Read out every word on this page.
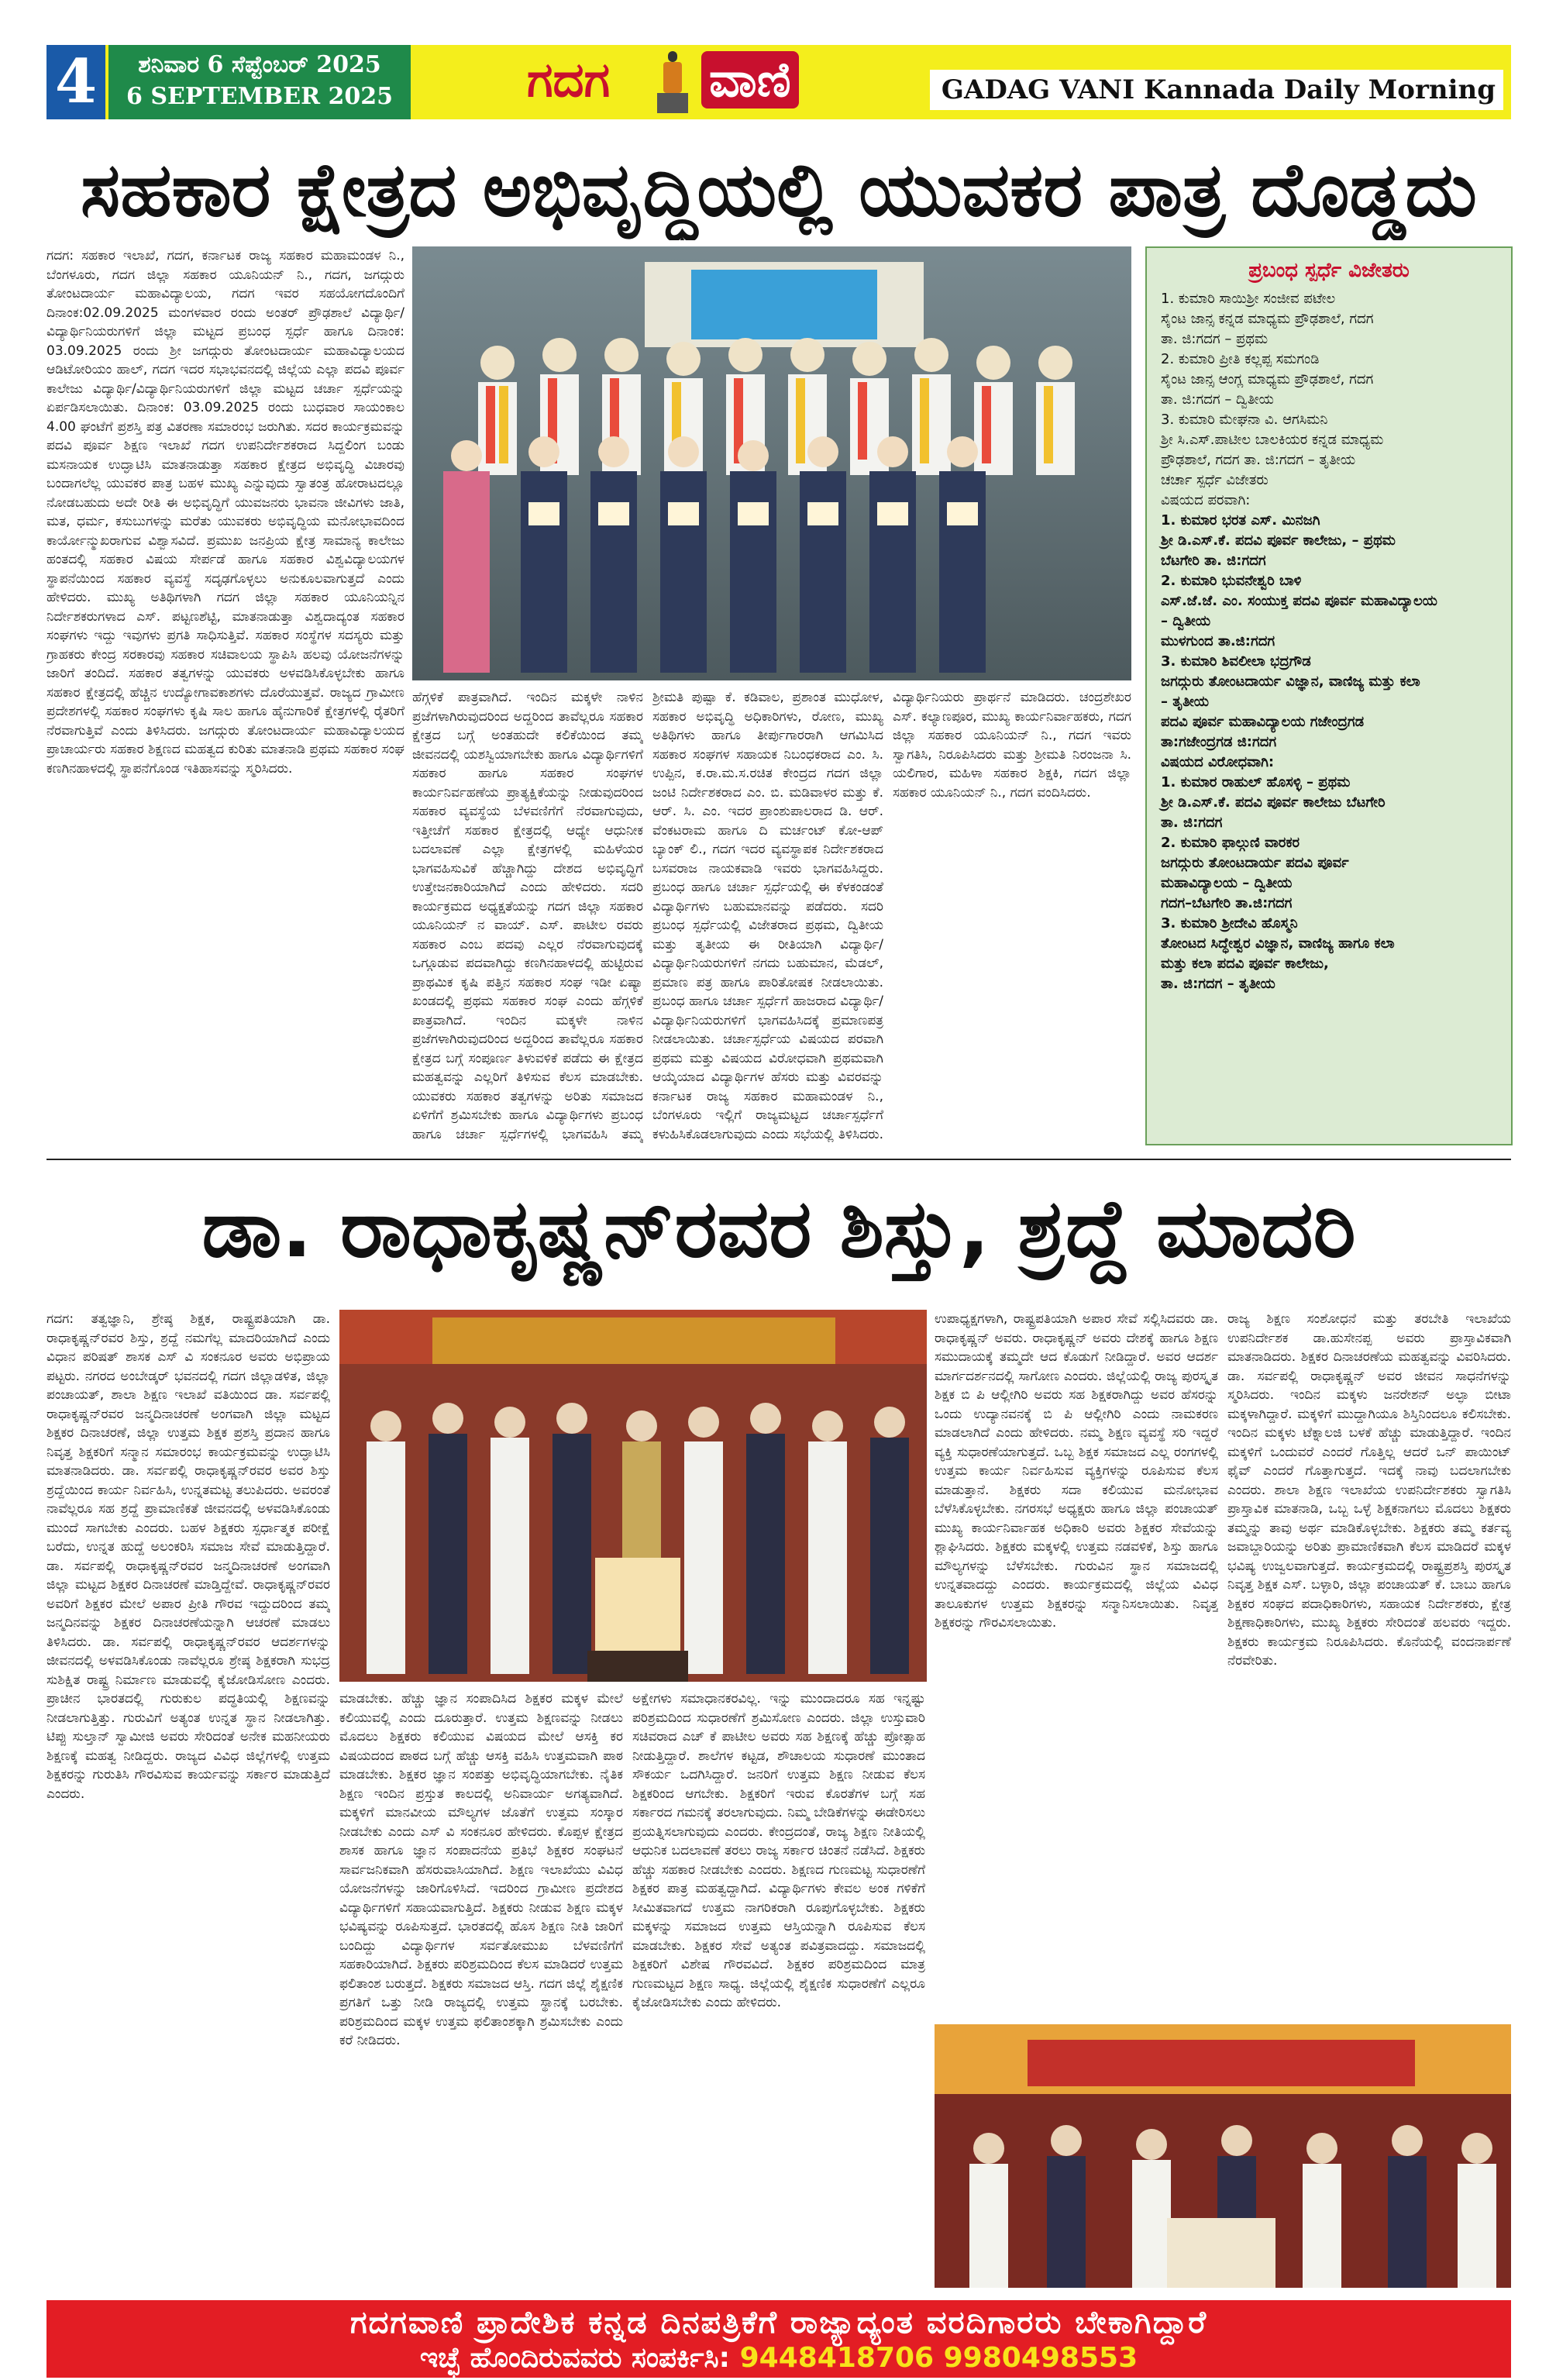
4	ಶನಿವಾರ 6 ಸೆಪ್ಟೆಂಬರ್ 2025
6 SEPTEMBER 2025	ಗದಗ ವಾಣಿ	GADAG VANI Kannada Daily Morning
ಸಹಕಾರ ಕ್ಷೇತ್ರದ ಅಭಿವೃದ್ಧಿಯಲ್ಲಿ ಯುವಕರ ಪಾತ್ರ ದೊಡ್ಡದು

ಗದಗ: ಸಹಕಾರ ಇಲಾಖೆ, ಗದಗ, ಕರ್ನಾಟಕ ರಾಜ್ಯ ಸಹಕಾರ ಮಹಾಮಂಡಳ ನಿ., ಬೆಂಗಳೂರು, ಗದಗ ಜಿಲ್ಲಾ ಸಹಕಾರ ಯೂನಿಯನ್ ನಿ., ಗದಗ, ಜಗದ್ಗುರು ತೋಂಟದಾರ್ಯ ಮಹಾವಿದ್ಯಾಲಯ, ಗದಗ ಇವರ ಸಹಯೋಗದೊಂದಿಗೆ ದಿನಾಂಕ:02.09.2025 ಮಂಗಳವಾರ ರಂದು ಅಂತರ್ ಪ್ರೌಢಶಾಲೆ ವಿದ್ಯಾರ್ಥಿ/ವಿದ್ಯಾರ್ಥಿನಿಯರುಗಳಿಗೆ ಜಿಲ್ಲಾ ಮಟ್ಟದ ಪ್ರಬಂಧ ಸ್ಪರ್ಧೆ ಹಾಗೂ ದಿನಾಂಕ: 03.09.2025 ರಂದು ಶ್ರೀ ಜಗದ್ಗುರು ತೋಂಟದಾರ್ಯ ಮಹಾವಿದ್ಯಾಲಯದ ಆಡಿಟೋರಿಯಂ ಹಾಲ್, ಗದಗ ಇದರ ಸಭಾಭವನದಲ್ಲಿ ಜಿಲ್ಲೆಯ ಎಲ್ಲಾ ಪದವಿ ಪೂರ್ವ ಕಾಲೇಜು ವಿದ್ಯಾರ್ಥಿ/ವಿದ್ಯಾರ್ಥಿನಿಯರುಗಳಿಗೆ ಜಿಲ್ಲಾ ಮಟ್ಟದ ಚರ್ಚಾ ಸ್ಪರ್ಧೆಯನ್ನು ಏರ್ಪಡಿಸಲಾಯಿತು. ದಿನಾಂಕ: 03.09.2025 ರಂದು ಬುಧವಾರ ಸಾಯಂಕಾಲ 4.00 ಘಂಟೆಗೆ ಪ್ರಶಸ್ತಿ ಪತ್ರ ವಿತರಣಾ ಸಮಾರಂಭ ಜರುಗಿತು. ಸದರ ಕಾರ್ಯಕ್ರಮವನ್ನು ಪದವಿ ಪೂರ್ವ ಶಿಕ್ಷಣ ಇಲಾಖೆ ಗದಗ ಉಪನಿರ್ದೇಶಕರಾದ ಸಿದ್ದಲಿಂಗ ಬಂಡು ಮಸನಾಯಕ ಉದ್ಘಾಟಿಸಿ ಮಾತನಾಡುತ್ತಾ ಸಹಕಾರ ಕ್ಷೇತ್ರದ ಅಭಿವೃದ್ಧಿ ವಿಚಾರವು ಬಂದಾಗಲೆಲ್ಲ ಯುವಕರ ಪಾತ್ರ ಬಹಳ ಮುಖ್ಯ ಎನ್ನುವುದು ಸ್ವಾತಂತ್ರ ಹೋರಾಟದಲ್ಲೂ ನೋಡಬಹುದು ಅದೇ ರೀತಿ ಈ ಅಭಿವೃದ್ಧಿಗೆ ಯುವಜನರು ಭಾವನಾ ಜೀವಿಗಳು ಜಾತಿ, ಮತ, ಧರ್ಮ, ಕಸುಬುಗಳನ್ನು ಮರೆತು ಯುವಕರು ಅಭಿವೃದ್ಧಿಯ ಮನೋಭಾವದಿಂದ ಕಾರ್ಯೋನ್ಮುಖರಾಗುವ ವಿಶ್ವಾಸವಿದೆ. ಪ್ರಮುಖ ಜನಪ್ರಿಯ ಕ್ಷೇತ್ರ ಸಾಮಾನ್ಯ ಕಾಲೇಜು ಹಂತದಲ್ಲಿ ಸಹಕಾರ ವಿಷಯ ಸೇರ್ಪಡೆ ಹಾಗೂ ಸಹಕಾರ ವಿಶ್ವವಿದ್ಯಾಲಯಗಳ ಸ್ಥಾಪನೆಯಿಂದ ಸಹಕಾರ ವ್ಯವಸ್ಥೆ ಸದೃಢಗೊಳ್ಳಲು ಅನುಕೂಲವಾಗುತ್ತದೆ ಎಂದು ಹೇಳಿದರು. ಮುಖ್ಯ ಅತಿಥಿಗಳಾಗಿ ಗದಗ ಜಿಲ್ಲಾ ಸಹಕಾರ ಯೂನಿಯನ್ನಿನ ನಿರ್ದೇಶಕರುಗಳಾದ ಎಸ್. ಪಟ್ಟಣಶೆಟ್ಟಿ, ಮಾತನಾಡುತ್ತಾ ವಿಶ್ವದಾದ್ಯಂತ ಸಹಕಾರ ಸಂಘಗಳು ಇದ್ದು ಇವುಗಳು ಪ್ರಗತಿ ಸಾಧಿಸುತ್ತಿವೆ. ಸಹಕಾರ ಸಂಸ್ಥೆಗಳ ಸದಸ್ಯರು ಮತ್ತು ಗ್ರಾಹಕರು ಕೇಂದ್ರ ಸರಕಾರವು ಸಹಕಾರ ಸಚಿವಾಲಯ ಸ್ಥಾಪಿಸಿ ಹಲವು ಯೋಜನೆಗಳನ್ನು ಜಾರಿಗೆ ತಂದಿದೆ. ಸಹಕಾರ ತತ್ವಗಳನ್ನು ಯುವಕರು ಅಳವಡಿಸಿಕೊಳ್ಳಬೇಕು ಹಾಗೂ ಸಹಕಾರ ಕ್ಷೇತ್ರದಲ್ಲಿ ಹೆಚ್ಚಿನ ಉದ್ಯೋಗಾವಕಾಶಗಳು ದೊರೆಯುತ್ತವೆ. ರಾಜ್ಯದ ಗ್ರಾಮೀಣ ಪ್ರದೇಶಗಳಲ್ಲಿ ಸಹಕಾರ ಸಂಘಗಳು ಕೃಷಿ ಸಾಲ ಹಾಗೂ ಹೈನುಗಾರಿಕೆ ಕ್ಷೇತ್ರಗಳಲ್ಲಿ ರೈತರಿಗೆ ನೆರವಾಗುತ್ತಿವೆ ಎಂದು ತಿಳಿಸಿದರು. ಜಗದ್ಗುರು ತೋಂಟದಾರ್ಯ ಮಹಾವಿದ್ಯಾಲಯದ ಪ್ರಾಚಾರ್ಯರು ಸಹಕಾರ ಶಿಕ್ಷಣದ ಮಹತ್ವದ ಕುರಿತು ಮಾತನಾಡಿ ಪ್ರಥಮ ಸಹಕಾರ ಸಂಘ ಕಣಗಿನಹಾಳದಲ್ಲಿ ಸ್ಥಾಪನೆಗೊಂಡ ಇತಿಹಾಸವನ್ನು ಸ್ಮರಿಸಿದರು.

ಹೆಗ್ಗಳಿಕೆ ಪಾತ್ರವಾಗಿದೆ. ಇಂದಿನ ಮಕ್ಕಳೇ ನಾಳಿನ ಪ್ರಜೆಗಳಾಗಿರುವುದರಿಂದ ಅದ್ದರಿಂದ ತಾವೆಲ್ಲರೂ ಸಹಕಾರ ಕ್ಷೇತ್ರದ ಬಗ್ಗೆ ಅಂತಹುದೇ ಕಲಿಕೆಯಿಂದ ತಮ್ಮ ಜೀವನದಲ್ಲಿ ಯಶಸ್ವಿಯಾಗಬೇಕು ಹಾಗೂ ವಿದ್ಯಾರ್ಥಿಗಳಿಗೆ ಸಹಕಾರ ಹಾಗೂ ಸಹಕಾರ ಸಂಘಗಳ ಕಾರ್ಯನಿರ್ವಹಣೆಯ ಪ್ರಾತ್ಯಕ್ಷಿಕೆಯನ್ನು ನೀಡುವುದರಿಂದ ಸಹಕಾರ ವ್ಯವಸ್ಥೆಯ ಬೆಳವಣಿಗೆಗೆ ನೆರವಾಗುವುದು, ಇತ್ತೀಚೆಗೆ ಸಹಕಾರ ಕ್ಷೇತ್ರದಲ್ಲಿ ಆಧ್ಯೇ ಆಧುನೀಕ ಬದಲಾವಣೆ ಎಲ್ಲಾ ಕ್ಷೇತ್ರಗಳಲ್ಲಿ ಮಹಿಳೆಯರ ಭಾಗವಹಿಸುವಿಕೆ ಹೆಚ್ಚಾಗಿದ್ದು ದೇಶದ ಅಭಿವೃದ್ಧಿಗೆ ಉತ್ತೇಜನಕಾರಿಯಾಗಿದೆ ಎಂದು ಹೇಳಿದರು. ಸದರಿ ಕಾರ್ಯಕ್ರಮದ ಅಧ್ಯಕ್ಷತೆಯನ್ನು ಗದಗ ಜಿಲ್ಲಾ ಸಹಕಾರ ಯೂನಿಯನ್ ನ ವಾಯ್. ಎಸ್. ಪಾಟೀಲ ರವರು ಸಹಕಾರ ಎಂಬ ಪದವು ಎಲ್ಲರ ನೆರವಾಗುವುದಕ್ಕೆ ಒಗ್ಗೂಡುವ ಪದವಾಗಿದ್ದು ಕಣಗಿನಹಾಳದಲ್ಲಿ ಹುಟ್ಟಿರುವ ಪ್ರಾಥಮಿಕ ಕೃಷಿ ಪತ್ತಿನ ಸಹಕಾರ ಸಂಘ ಇಡೀ ಏಷ್ಯಾ ಖಂಡದಲ್ಲಿ ಪ್ರಥಮ ಸಹಕಾರ ಸಂಘ ಎಂದು ಹೆಗ್ಗಳಿಕೆ ಪಾತ್ರವಾಗಿದೆ. ಇಂದಿನ ಮಕ್ಕಳೇ ನಾಳಿನ ಪ್ರಜೆಗಳಾಗಿರುವುದರಿಂದ ಅದ್ದರಿಂದ ತಾವೆಲ್ಲರೂ ಸಹಕಾರ ಕ್ಷೇತ್ರದ ಬಗ್ಗೆ ಸಂಪೂರ್ಣ ತಿಳುವಳಿಕೆ ಪಡೆದು ಈ ಕ್ಷೇತ್ರದ ಮಹತ್ವವನ್ನು ಎಲ್ಲರಿಗೆ ತಿಳಿಸುವ ಕೆಲಸ ಮಾಡಬೇಕು. ಯುವಕರು ಸಹಕಾರ ತತ್ವಗಳನ್ನು ಅರಿತು ಸಮಾಜದ ಏಳಿಗೆಗೆ ಶ್ರಮಿಸಬೇಕು ಹಾಗೂ ವಿದ್ಯಾರ್ಥಿಗಳು ಪ್ರಬಂಧ ಹಾಗೂ ಚರ್ಚಾ ಸ್ಪರ್ಧೆಗಳಲ್ಲಿ ಭಾಗವಹಿಸಿ ತಮ್ಮ

ಶ್ರೀಮತಿ ಪುಷ್ಪಾ ಕೆ. ಕಡಿವಾಲ, ಪ್ರಶಾಂತ ಮುಧೋಳ, ಸಹಕಾರ ಅಭಿವೃದ್ಧಿ ಅಧಿಕಾರಿಗಳು, ರೋಣ, ಮುಖ್ಯ ಅತಿಥಿಗಳು ಹಾಗೂ ತೀರ್ಪುಗಾರರಾಗಿ ಆಗಮಿಸಿದ ಸಹಕಾರ ಸಂಘಗಳ ಸಹಾಯಕ ನಿಬಂಧಕರಾದ ಎಂ. ಸಿ. ಉಪ್ಪಿನ, ಕ.ರಾ.ಮ.ಸ.ರಚಿತ ಕೇಂದ್ರದ ಗದಗ ಜಿಲ್ಲಾ ಜಂಟಿ ನಿರ್ದೇಶಕರಾದ ಎಂ. ಬಿ. ಮಡಿವಾಳರ ಮತ್ತು ಕೆ. ಆರ್. ಸಿ. ಎಂ. ಇದರ ಪ್ರಾಂಶುಪಾಲರಾದ ಡಿ. ಆರ್. ವೆಂಕಟರಾಮ ಹಾಗೂ ದಿ ಮರ್ಚಂಟ್ ಕೋ-ಆಪ್ ಬ್ಯಾಂಕ್ ಲಿ., ಗದಗ ಇದರ ವ್ಯವಸ್ಥಾಪಕ ನಿರ್ದೇಶಕರಾದ ಬಸವರಾಜ ನಾಯಕವಾಡಿ ಇವರು ಭಾಗವಹಿಸಿದ್ದರು. ಪ್ರಬಂಧ ಹಾಗೂ ಚರ್ಚಾ ಸ್ಪರ್ಧೆಯಲ್ಲಿ ಈ ಕೆಳಕಂಡಂತೆ ವಿದ್ಯಾರ್ಥಿಗಳು ಬಹುಮಾನವನ್ನು ಪಡೆದರು. ಸದರಿ ಪ್ರಬಂಧ ಸ್ಪರ್ಧೆಯಲ್ಲಿ ವಿಜೇತರಾದ ಪ್ರಥಮ, ದ್ವಿತೀಯ ಮತ್ತು ತೃತೀಯ ಈ ರೀತಿಯಾಗಿ ವಿದ್ಯಾರ್ಥಿ/ವಿದ್ಯಾರ್ಥಿನಿಯರುಗಳಿಗೆ ನಗದು ಬಹುಮಾನ, ಮೆಡಲ್, ಪ್ರಮಾಣ ಪತ್ರ ಹಾಗೂ ಪಾರಿತೋಷಕ ನೀಡಲಾಯಿತು. ಪ್ರಬಂಧ ಹಾಗೂ ಚರ್ಚಾ ಸ್ಪರ್ಧೆಗೆ ಹಾಜರಾದ ವಿದ್ಯಾರ್ಥಿ/ವಿದ್ಯಾರ್ಥಿನಿಯರುಗಳಿಗೆ ಭಾಗವಹಿಸಿದಕ್ಕೆ ಪ್ರಮಾಣಪತ್ರ ನೀಡಲಾಯಿತು. ಚರ್ಚಾಸ್ಪರ್ಧೆಯ ವಿಷಯದ ಪರವಾಗಿ ಪ್ರಥಮ ಮತ್ತು ವಿಷಯದ ವಿರೋಧವಾಗಿ ಪ್ರಥಮವಾಗಿ ಆಯ್ಕೆಯಾದ ವಿದ್ಯಾರ್ಥಿಗಳ ಹೆಸರು ಮತ್ತು ವಿವರವನ್ನು ಕರ್ನಾಟಕ ರಾಜ್ಯ ಸಹಕಾರ ಮಹಾಮಂಡಳ ನಿ., ಬೆಂಗಳೂರು ಇಲ್ಲಿಗೆ ರಾಜ್ಯಮಟ್ಟದ ಚರ್ಚಾಸ್ಪರ್ಧೆಗೆ ಕಳುಹಿಸಿಕೊಡಲಾಗುವುದು ಎಂದು ಸಭೆಯಲ್ಲಿ ತಿಳಿಸಿದರು.

ವಿದ್ಯಾರ್ಥಿನಿಯರು ಪ್ರಾರ್ಥನೆ ಮಾಡಿದರು. ಚಂದ್ರಶೇಖರ ಎಸ್. ಕಲ್ಯಾಣಪೂರ, ಮುಖ್ಯ ಕಾರ್ಯನಿರ್ವಾಹಕರು, ಗದಗ ಜಿಲ್ಲಾ ಸಹಕಾರ ಯೂನಿಯನ್ ನಿ., ಗದಗ ಇವರು ಸ್ವಾಗತಿಸಿ, ನಿರೂಪಿಸಿದರು ಮತ್ತು ಶ್ರೀಮತಿ ನಿರಂಜನಾ ಸಿ. ಯಲಿಗಾರ, ಮಹಿಳಾ ಸಹಕಾರ ಶಿಕ್ಷಕಿ, ಗದಗ ಜಿಲ್ಲಾ ಸಹಕಾರ ಯೂನಿಯನ್ ನಿ., ಗದಗ ವಂದಿಸಿದರು.

ಪ್ರಬಂಧ ಸ್ಪರ್ಧೆ ವಿಜೇತರು
1. ಕುಮಾರಿ ಸಾಯಿಶ್ರೀ ಸಂಜೀವ ಪಟೇಲ
ಸೈಂಟ ಜಾನ್ಸ ಕನ್ನಡ ಮಾಧ್ಯಮ ಪ್ರೌಢಶಾಲೆ, ಗದಗ
ತಾ. ಜಿ:ಗದಗ – ಪ್ರಥಮ
2. ಕುಮಾರಿ ಪ್ರೀತಿ ಕಲ್ಲಪ್ಪ ಸಮಗಂಡಿ
ಸೈಂಟ ಜಾನ್ಸ ಆಂಗ್ಲ ಮಾಧ್ಯಮ ಪ್ರೌಢಶಾಲೆ, ಗದಗ
ತಾ. ಜಿ:ಗದಗ – ದ್ವಿತೀಯ
3. ಕುಮಾರಿ ಮೇಘನಾ ವಿ. ಆಗಸಿಮನಿ
ಶ್ರೀ ಸಿ.ಎಸ್.ಪಾಟೀಲ ಬಾಲಕಿಯರ ಕನ್ನಡ ಮಾಧ್ಯಮ
ಪ್ರೌಢಶಾಲೆ, ಗದಗ ತಾ. ಜಿ:ಗದಗ – ತೃತೀಯ
ಚರ್ಚಾ ಸ್ಪರ್ಧೆ ವಿಜೇತರು
ವಿಷಯದ ಪರವಾಗಿ:
1. ಕುಮಾರ ಭರತ ಎಸ್. ಮಿನಜಗಿ
ಶ್ರೀ ಡಿ.ಎಸ್.ಕೆ. ಪದವಿ ಪೂರ್ವ ಕಾಲೇಜು, – ಪ್ರಥಮ
ಬೆಟಗೇರಿ ತಾ. ಜಿ:ಗದಗ
2. ಕುಮಾರಿ ಭುವನೇಶ್ವರಿ ಬಾಳಿ
ಎಸ್.ಜೆ.ಜೆ. ಎಂ. ಸಂಯುಕ್ತ ಪದವಿ ಪೂರ್ವ ಮಹಾವಿದ್ಯಾಲಯ
– ದ್ವಿತೀಯ
ಮುಳಗುಂದ ತಾ.ಜಿ:ಗದಗ
3. ಕುಮಾರಿ ಶಿವಲೀಲಾ ಭದ್ರಗೌಡ
ಜಗದ್ಗುರು ತೋಂಟದಾರ್ಯ ವಿಜ್ಞಾನ, ವಾಣಿಜ್ಯ ಮತ್ತು ಕಲಾ
– ತೃತೀಯ
ಪದವಿ ಪೂರ್ವ ಮಹಾವಿದ್ಯಾಲಯ ಗಜೇಂದ್ರಗಡ
ತಾ:ಗಜೇಂದ್ರಗಡ ಜಿ:ಗದಗ
ವಿಷಯದ ವಿರೋಧವಾಗಿ:
1. ಕುಮಾರ ರಾಹುಲ್ ಹೊಸಳ್ಳಿ – ಪ್ರಥಮ
ಶ್ರೀ ಡಿ.ಎಸ್.ಕೆ. ಪದವಿ ಪೂರ್ವ ಕಾಲೇಜು ಬೆಟಗೇರಿ
ತಾ. ಜಿ:ಗದಗ
2. ಕುಮಾರಿ ಫಾಲ್ಗುಣಿ ವಾರಕರ
ಜಗದ್ಗುರು ತೋಂಟದಾರ್ಯ ಪದವಿ ಪೂರ್ವ
ಮಹಾವಿದ್ಯಾಲಯ – ದ್ವಿತೀಯ
ಗದಗ–ಬೆಟಗೇರಿ ತಾ.ಜಿ:ಗದಗ
3. ಕುಮಾರಿ ಶ್ರೀದೇವಿ ಹೊಸ್ಮನಿ
ತೋಂಟದ ಸಿದ್ಧೇಶ್ವರ ವಿಜ್ಞಾನ, ವಾಣಿಜ್ಯ ಹಾಗೂ ಕಲಾ
ಮತ್ತು ಕಲಾ ಪದವಿ ಪೂರ್ವ ಕಾಲೇಜು,
ತಾ. ಜಿ:ಗದಗ – ತೃತೀಯ
ಡಾ. ರಾಧಾಕೃಷ್ಣನ್‌ರವರ ಶಿಸ್ತು, ಶ್ರದ್ದೆ ಮಾದರಿ

ಗದಗ: ತತ್ವಜ್ಞಾನಿ, ಶ್ರೇಷ್ಠ ಶಿಕ್ಷಕ, ರಾಷ್ಟ್ರಪತಿಯಾಗಿ ಡಾ. ರಾಧಾಕೃಷ್ಣನ್‌ರವರ ಶಿಸ್ತು, ಶ್ರದ್ದೆ ನಮಗೆಲ್ಲ ಮಾದರಿಯಾಗಿದೆ ಎಂದು ವಿಧಾನ ಪರಿಷತ್ ಶಾಸಕ ಎಸ್ ವಿ ಸಂಕನೂರ ಅವರು ಅಭಿಪ್ರಾಯ ಪಟ್ಟರು. ನಗರದ ಅಂಬೇಡ್ಕರ್ ಭವನದಲ್ಲಿ ಗದಗ ಜಿಲ್ಲಾಡಳಿತ, ಜಿಲ್ಲಾ ಪಂಚಾಯತ್, ಶಾಲಾ ಶಿಕ್ಷಣ ಇಲಾಖೆ ವತಿಯಿಂದ ಡಾ. ಸರ್ವಪಲ್ಲಿ ರಾಧಾಕೃಷ್ಣನ್‌ರವರ ಜನ್ಮದಿನಾಚರಣೆ ಅಂಗವಾಗಿ ಜಿಲ್ಲಾ ಮಟ್ಟದ ಶಿಕ್ಷಕರ ದಿನಾಚರಣೆ, ಜಿಲ್ಲಾ ಉತ್ತಮ ಶಿಕ್ಷಕ ಪ್ರಶಸ್ತಿ ಪ್ರದಾನ ಹಾಗೂ ನಿವೃತ್ತ ಶಿಕ್ಷಕರಿಗೆ ಸನ್ಮಾನ ಸಮಾರಂಭ ಕಾರ್ಯಕ್ರಮವನ್ನು ಉದ್ಘಾಟಿಸಿ ಮಾತನಾಡಿದರು. ಡಾ. ಸರ್ವಪಲ್ಲಿ ರಾಧಾಕೃಷ್ಣನ್‌ರವರ ಅವರ ಶಿಸ್ತು ಶ್ರದ್ದೆಯಿಂದ ಕಾರ್ಯ ನಿರ್ವಹಿಸಿ, ಉನ್ನತಮಟ್ಟ ತಲುಪಿದರು. ಅವರಂತೆ ನಾವೆಲ್ಲರೂ ಸಹ ಶ್ರದ್ದೆ ಪ್ರಾಮಾಣಿಕತೆ ಜೀವನದಲ್ಲಿ ಅಳವಡಿಸಿಕೊಂಡು ಮುಂದೆ ಸಾಗಬೇಕು ಎಂದರು. ಬಹಳ ಶಿಕ್ಷಕರು ಸ್ಪರ್ಧಾತ್ಮಕ ಪರೀಕ್ಷೆ ಬರೆದು, ಉನ್ನತ ಹುದ್ದೆ ಅಲಂಕರಿಸಿ ಸಮಾಜ ಸೇವೆ ಮಾಡುತ್ತಿದ್ದಾರೆ. ಡಾ. ಸರ್ವಪಲ್ಲಿ ರಾಧಾಕೃಷ್ಣನ್‌ರವರ ಜನ್ಮದಿನಾಚರಣೆ ಅಂಗವಾಗಿ ಜಿಲ್ಲಾ ಮಟ್ಟದ ಶಿಕ್ಷಕರ ದಿನಾಚರಣೆ ಮಾಡ್ತಿದ್ದೇವೆ. ರಾಧಾಕೃಷ್ಣನ್‌ರವರ ಅವರಿಗೆ ಶಿಕ್ಷಕರ ಮೇಲೆ ಅಪಾರ ಪ್ರೀತಿ ಗೌರವ ಇದ್ದುದರಿಂದ ತಮ್ಮ ಜನ್ಮದಿನವನ್ನು ಶಿಕ್ಷಕರ ದಿನಾಚರಣೆಯನ್ನಾಗಿ ಆಚರಣೆ ಮಾಡಲು ತಿಳಿಸಿದರು. ಡಾ. ಸರ್ವಪಲ್ಲಿ ರಾಧಾಕೃಷ್ಣನ್‌ರವರ ಆದರ್ಶಗಳನ್ನು ಜೀವನದಲ್ಲಿ ಅಳವಡಿಸಿಕೊಂಡು ನಾವೆಲ್ಲರೂ ಶ್ರೇಷ್ಠ ಶಿಕ್ಷಕರಾಗಿ ಸುಭದ್ರ ಸುಶಿಕ್ಷಿತ ರಾಷ್ಟ್ರ ನಿರ್ಮಾಣ ಮಾಡುವಲ್ಲಿ ಕೈಜೋಡಿಸೋಣ ಎಂದರು. ಪ್ರಾಚೀನ ಭಾರತದಲ್ಲಿ ಗುರುಕುಲ ಪದ್ಧತಿಯಲ್ಲಿ ಶಿಕ್ಷಣವನ್ನು ನೀಡಲಾಗುತ್ತಿತ್ತು. ಗುರುವಿಗೆ ಅತ್ಯಂತ ಉನ್ನತ ಸ್ಥಾನ ನೀಡಲಾಗಿತ್ತು. ಟಿಪ್ಪು ಸುಲ್ತಾನ್ ಸ್ವಾಮೀಜಿ ಅವರು ಸೇರಿದಂತೆ ಅನೇಕ ಮಹನೀಯರು ಶಿಕ್ಷಣಕ್ಕೆ ಮಹತ್ವ ನೀಡಿದ್ದರು. ರಾಜ್ಯದ ವಿವಿಧ ಜಿಲ್ಲೆಗಳಲ್ಲಿ ಉತ್ತಮ ಶಿಕ್ಷಕರನ್ನು ಗುರುತಿಸಿ ಗೌರವಿಸುವ ಕಾರ್ಯವನ್ನು ಸರ್ಕಾರ ಮಾಡುತ್ತಿದೆ ಎಂದರು.

ಮಾಡಬೇಕು. ಹೆಚ್ಚು ಜ್ಞಾನ ಸಂಪಾದಿಸಿದ ಶಿಕ್ಷಕರ ಮಕ್ಕಳ ಮೇಲೆ ಕಲಿಯುವಲ್ಲಿ ಎಂದು ದೂರುತ್ತಾರೆ. ಉತ್ತಮ ಶಿಕ್ಷಣವನ್ನು ನೀಡಲು ಮೊದಲು ಶಿಕ್ಷಕರು ಕಲಿಯುವ ವಿಷಯದ ಮೇಲೆ ಆಸಕ್ತಿ ಕರ ವಿಷಯದಂದ ಪಾಠದ ಬಗ್ಗೆ ಹೆಚ್ಚು ಆಸಕ್ತಿ ವಹಿಸಿ ಉತ್ತಮವಾಗಿ ಪಾಠ ಮಾಡಬೇಕು. ಶಿಕ್ಷಕರ ಜ್ಞಾನ ಸಂಪತ್ತು ಅಭಿವೃದ್ಧಿಯಾಗಬೇಕು. ನೈತಿಕ ಶಿಕ್ಷಣ ಇಂದಿನ ಪ್ರಸ್ತುತ ಕಾಲದಲ್ಲಿ ಅನಿವಾರ್ಯ ಅಗತ್ಯವಾಗಿದೆ. ಮಕ್ಕಳಿಗೆ ಮಾನವೀಯ ಮೌಲ್ಯಗಳ ಜೊತೆಗೆ ಉತ್ತಮ ಸಂಸ್ಕಾರ ನೀಡಬೇಕು ಎಂದು ಎಸ್ ವಿ ಸಂಕನೂರ ಹೇಳಿದರು. ಕೊಪ್ಪಳ ಕ್ಷೇತ್ರದ ಶಾಸಕ ಹಾಗೂ ಜ್ಞಾನ ಸಂಪಾದನೆಯ ಪ್ರತಿಭೆ ಶಿಕ್ಷಕರ ಸಂಘಟನೆ ಸಾರ್ವಜನಿಕವಾಗಿ ಹೆಸರುವಾಸಿಯಾಗಿದೆ. ಶಿಕ್ಷಣ ಇಲಾಖೆಯು ವಿವಿಧ ಯೋಜನೆಗಳನ್ನು ಜಾರಿಗೊಳಿಸಿದೆ. ಇದರಿಂದ ಗ್ರಾಮೀಣ ಪ್ರದೇಶದ ವಿದ್ಯಾರ್ಥಿಗಳಿಗೆ ಸಹಾಯವಾಗುತ್ತಿದೆ. ಶಿಕ್ಷಕರು ನೀಡುವ ಶಿಕ್ಷಣ ಮಕ್ಕಳ ಭವಿಷ್ಯವನ್ನು ರೂಪಿಸುತ್ತದೆ. ಭಾರತದಲ್ಲಿ ಹೊಸ ಶಿಕ್ಷಣ ನೀತಿ ಜಾರಿಗೆ ಬಂದಿದ್ದು ವಿದ್ಯಾರ್ಥಿಗಳ ಸರ್ವತೋಮುಖ ಬೆಳವಣಿಗೆಗೆ ಸಹಕಾರಿಯಾಗಿದೆ. ಶಿಕ್ಷಕರು ಪರಿಶ್ರಮದಿಂದ ಕೆಲಸ ಮಾಡಿದರೆ ಉತ್ತಮ ಫಲಿತಾಂಶ ಬರುತ್ತದೆ. ಶಿಕ್ಷಕರು ಸಮಾಜದ ಆಸ್ತಿ. ಗದಗ ಜಿಲ್ಲೆ ಶೈಕ್ಷಣಿಕ ಪ್ರಗತಿಗೆ ಒತ್ತು ನೀಡಿ ರಾಜ್ಯದಲ್ಲಿ ಉತ್ತಮ ಸ್ಥಾನಕ್ಕೆ ಬರಬೇಕು. ಪರಿಶ್ರಮದಿಂದ ಮಕ್ಕಳ ಉತ್ತಮ ಫಲಿತಾಂಶಕ್ಕಾಗಿ ಶ್ರಮಿಸಬೇಕು ಎಂದು ಕರೆ ನೀಡಿದರು.

ಅಕ್ಷೇಗಳು ಸಮಾಧಾನಕರವಿಲ್ಲ. ಇನ್ನು ಮುಂದಾದರೂ ಸಹ ಇನ್ನಷ್ಟು ಪರಿಶ್ರಮದಿಂದ ಸುಧಾರಣೆಗೆ ಶ್ರಮಿಸೋಣ ಎಂದರು. ಜಿಲ್ಲಾ ಉಸ್ತುವಾರಿ ಸಚಿವರಾದ ಎಚ್ ಕೆ ಪಾಟೀಲ ಅವರು ಸಹ ಶಿಕ್ಷಣಕ್ಕೆ ಹೆಚ್ಚು ಪ್ರೋತ್ಸಾಹ ನೀಡುತ್ತಿದ್ದಾರೆ. ಶಾಲೆಗಳ ಕಟ್ಟಡ, ಶೌಚಾಲಯ ಸುಧಾರಣೆ ಮುಂತಾದ ಸೌಕರ್ಯ ಒದಗಿಸಿದ್ದಾರೆ. ಜನರಿಗೆ ಉತ್ತಮ ಶಿಕ್ಷಣ ನೀಡುವ ಕೆಲಸ ಶಿಕ್ಷಕರಿಂದ ಆಗಬೇಕು. ಶಿಕ್ಷಕರಿಗೆ ಇರುವ ಕೊರತೆಗಳ ಬಗ್ಗೆ ಸಹ ಸರ್ಕಾರದ ಗಮನಕ್ಕೆ ತರಲಾಗುವುದು. ನಿಮ್ಮ ಬೇಡಿಕೆಗಳನ್ನು ಈಡೇರಿಸಲು ಪ್ರಯತ್ನಿಸಲಾಗುವುದು ಎಂದರು. ಕೇಂದ್ರದಂತೆ, ರಾಜ್ಯ ಶಿಕ್ಷಣ ನೀತಿಯಲ್ಲಿ ಆಧುನಿಕ ಬದಲಾವಣೆ ತರಲು ರಾಜ್ಯ ಸರ್ಕಾರ ಚಿಂತನೆ ನಡೆಸಿದೆ. ಶಿಕ್ಷಕರು ಹೆಚ್ಚು ಸಹಕಾರ ನೀಡಬೇಕು ಎಂದರು. ಶಿಕ್ಷಣದ ಗುಣಮಟ್ಟ ಸುಧಾರಣೆಗೆ ಶಿಕ್ಷಕರ ಪಾತ್ರ ಮಹತ್ವದ್ದಾಗಿದೆ. ವಿದ್ಯಾರ್ಥಿಗಳು ಕೇವಲ ಅಂಕ ಗಳಿಕೆಗೆ ಸೀಮಿತವಾಗದೆ ಉತ್ತಮ ನಾಗರಿಕರಾಗಿ ರೂಪುಗೊಳ್ಳಬೇಕು. ಶಿಕ್ಷಕರು ಮಕ್ಕಳನ್ನು ಸಮಾಜದ ಉತ್ತಮ ಆಸ್ತಿಯನ್ನಾಗಿ ರೂಪಿಸುವ ಕೆಲಸ ಮಾಡಬೇಕು. ಶಿಕ್ಷಕರ ಸೇವೆ ಅತ್ಯಂತ ಪವಿತ್ರವಾದದ್ದು. ಸಮಾಜದಲ್ಲಿ ಶಿಕ್ಷಕರಿಗೆ ವಿಶೇಷ ಗೌರವವಿದೆ. ಶಿಕ್ಷಕರ ಪರಿಶ್ರಮದಿಂದ ಮಾತ್ರ ಗುಣಮಟ್ಟದ ಶಿಕ್ಷಣ ಸಾಧ್ಯ. ಜಿಲ್ಲೆಯಲ್ಲಿ ಶೈಕ್ಷಣಿಕ ಸುಧಾರಣೆಗೆ ಎಲ್ಲರೂ ಕೈಜೋಡಿಸಬೇಕು ಎಂದು ಹೇಳಿದರು.

ಉಪಾಧ್ಯಕ್ಷಗಳಾಗಿ, ರಾಷ್ಟ್ರಪತಿಯಾಗಿ ಅಪಾರ ಸೇವೆ ಸಲ್ಲಿಸಿದವರು ಡಾ. ರಾಧಾಕೃಷ್ಣನ್ ಅವರು. ರಾಧಾಕೃಷ್ಣನ್ ಅವರು ದೇಶಕ್ಕೆ ಹಾಗೂ ಶಿಕ್ಷಣ ಸಮುದಾಯಕ್ಕೆ ತಮ್ಮದೇ ಆದ ಕೊಡುಗೆ ನೀಡಿದ್ದಾರೆ. ಅವರ ಆದರ್ಶ ಮಾರ್ಗದರ್ಶನದಲ್ಲಿ ಸಾಗೋಣ ಎಂದರು. ಜಿಲ್ಲೆಯಲ್ಲಿ ರಾಜ್ಯ ಪುರಸ್ಕೃತ ಶಿಕ್ಷಕ ಬಿ ಪಿ ಆಲ್ಲೀಗಿರಿ ಅವರು ಸಹ ಶಿಕ್ಷಕರಾಗಿದ್ದು ಅವರ ಹೆಸರನ್ನು ಒಂದು ಉದ್ಯಾನವನಕ್ಕೆ ಬಿ ಪಿ ಆಲ್ಲೀಗಿರಿ ಎಂದು ನಾಮಕರಣ ಮಾಡಲಾಗಿದೆ ಎಂದು ಹೇಳಿದರು. ನಮ್ಮ ಶಿಕ್ಷಣ ವ್ಯವಸ್ಥೆ ಸರಿ ಇದ್ದರೆ ವ್ಯಕ್ತಿ ಸುಧಾರಣೆಯಾಗುತ್ತದೆ. ಒಬ್ಬ ಶಿಕ್ಷಕ ಸಮಾಜದ ಎಲ್ಲ ರಂಗಗಳಲ್ಲಿ ಉತ್ತಮ ಕಾರ್ಯ ನಿರ್ವಹಿಸುವ ವ್ಯಕ್ತಿಗಳನ್ನು ರೂಪಿಸುವ ಕೆಲಸ ಮಾಡುತ್ತಾನೆ. ಶಿಕ್ಷಕರು ಸದಾ ಕಲಿಯುವ ಮನೋಭಾವ ಬೆಳೆಸಿಕೊಳ್ಳಬೇಕು. ನಗರಸಭೆ ಅಧ್ಯಕ್ಷರು ಹಾಗೂ ಜಿಲ್ಲಾ ಪಂಚಾಯತ್ ಮುಖ್ಯ ಕಾರ್ಯನಿರ್ವಾಹಕ ಅಧಿಕಾರಿ ಅವರು ಶಿಕ್ಷಕರ ಸೇವೆಯನ್ನು ಶ್ಲಾಘಿಸಿದರು. ಶಿಕ್ಷಕರು ಮಕ್ಕಳಲ್ಲಿ ಉತ್ತಮ ನಡವಳಿಕೆ, ಶಿಸ್ತು ಹಾಗೂ ಮೌಲ್ಯಗಳನ್ನು ಬೆಳೆಸಬೇಕು. ಗುರುವಿನ ಸ್ಥಾನ ಸಮಾಜದಲ್ಲಿ ಉನ್ನತವಾದದ್ದು ಎಂದರು. ಕಾರ್ಯಕ್ರಮದಲ್ಲಿ ಜಿಲ್ಲೆಯ ವಿವಿಧ ತಾಲೂಕುಗಳ ಉತ್ತಮ ಶಿಕ್ಷಕರನ್ನು ಸನ್ಮಾನಿಸಲಾಯಿತು. ನಿವೃತ್ತ ಶಿಕ್ಷಕರನ್ನು ಗೌರವಿಸಲಾಯಿತು.

ರಾಜ್ಯ ಶಿಕ್ಷಣ ಸಂಶೋಧನೆ ಮತ್ತು ತರಬೇತಿ ಇಲಾಖೆಯ ಉಪನಿರ್ದೇಶಕ ಡಾ.ಹುಸೇನಪ್ಪ ಅವರು ಪ್ರಾಸ್ತಾವಿಕವಾಗಿ ಮಾತನಾಡಿದರು. ಶಿಕ್ಷಕರ ದಿನಾಚರಣೆಯ ಮಹತ್ವವನ್ನು ವಿವರಿಸಿದರು. ಡಾ. ಸರ್ವಪಲ್ಲಿ ರಾಧಾಕೃಷ್ಣನ್ ಅವರ ಜೀವನ ಸಾಧನೆಗಳನ್ನು ಸ್ಮರಿಸಿದರು. ಇಂದಿನ ಮಕ್ಕಳು ಜನರೇಶನ್ ಅಲ್ಫಾ ಬೀಟಾ ಮಕ್ಕಳಾಗಿದ್ದಾರೆ. ಮಕ್ಕಳಿಗೆ ಮುದ್ದಾಗಿಯೂ ಶಿಸ್ತಿನಿಂದಲೂ ಕಲಿಸಬೇಕು. ಇಂದಿನ ಮಕ್ಕಳು ಟೆಕ್ನಾಲಜಿ ಬಳಕೆ ಹೆಚ್ಚು ಮಾಡುತ್ತಿದ್ದಾರೆ. ಇಂದಿನ ಮಕ್ಕಳಿಗೆ ಒಂದುವರೆ ಎಂದರೆ ಗೊತ್ತಿಲ್ಲ ಆದರೆ ಒನ್ ಪಾಯಿಂಟ್ ಫೈವ್ ಎಂದರೆ ಗೊತ್ತಾಗುತ್ತದೆ. ಇದಕ್ಕೆ ನಾವು ಬದಲಾಗಬೇಕು ಎಂದರು. ಶಾಲಾ ಶಿಕ್ಷಣ ಇಲಾಖೆಯ ಉಪನಿರ್ದೇಶಕರು ಸ್ವಾಗತಿಸಿ ಪ್ರಾಸ್ತಾವಿಕ ಮಾತನಾಡಿ, ಒಬ್ಬ ಒಳ್ಳೆ ಶಿಕ್ಷಕನಾಗಲು ಮೊದಲು ಶಿಕ್ಷಕರು ತಮ್ಮನ್ನು ತಾವು ಅರ್ಥ ಮಾಡಿಕೊಳ್ಳಬೇಕು. ಶಿಕ್ಷಕರು ತಮ್ಮ ಕರ್ತವ್ಯ ಜವಾಬ್ದಾರಿಯನ್ನು ಅರಿತು ಪ್ರಾಮಾಣಿಕವಾಗಿ ಕೆಲಸ ಮಾಡಿದರೆ ಮಕ್ಕಳ ಭವಿಷ್ಯ ಉಜ್ವಲವಾಗುತ್ತದೆ. ಕಾರ್ಯಕ್ರಮದಲ್ಲಿ ರಾಷ್ಟ್ರಪ್ರಶಸ್ತಿ ಪುರಸ್ಕೃತ ನಿವೃತ್ತ ಶಿಕ್ಷಕ ಎಸ್. ಬಳ್ಳಾರಿ, ಜಿಲ್ಲಾ ಪಂಚಾಯತ್ ಕೆ. ಬಾಬು ಹಾಗೂ ಶಿಕ್ಷಕರ ಸಂಘದ ಪದಾಧಿಕಾರಿಗಳು, ಸಹಾಯಕ ನಿರ್ದೇಶಕರು, ಕ್ಷೇತ್ರ ಶಿಕ್ಷಣಾಧಿಕಾರಿಗಳು, ಮುಖ್ಯ ಶಿಕ್ಷಕರು ಸೇರಿದಂತೆ ಹಲವರು ಇದ್ದರು. ಶಿಕ್ಷಕರು ಕಾರ್ಯಕ್ರಮ ನಿರೂಪಿಸಿದರು. ಕೊನೆಯಲ್ಲಿ ವಂದನಾರ್ಪಣೆ ನೆರವೇರಿತು.

ಗದಗವಾಣಿ ಪ್ರಾದೇಶಿಕ ಕನ್ನಡ ದಿನಪತ್ರಿಕೆಗೆ ರಾಜ್ಯಾದ್ಯಂತ ವರದಿಗಾರರು ಬೇಕಾಗಿದ್ದಾರೆ
ಇಚ್ಛೆ ಹೊಂದಿರುವವರು ಸಂಪರ್ಕಿಸಿ: 9448418706 9980498553
